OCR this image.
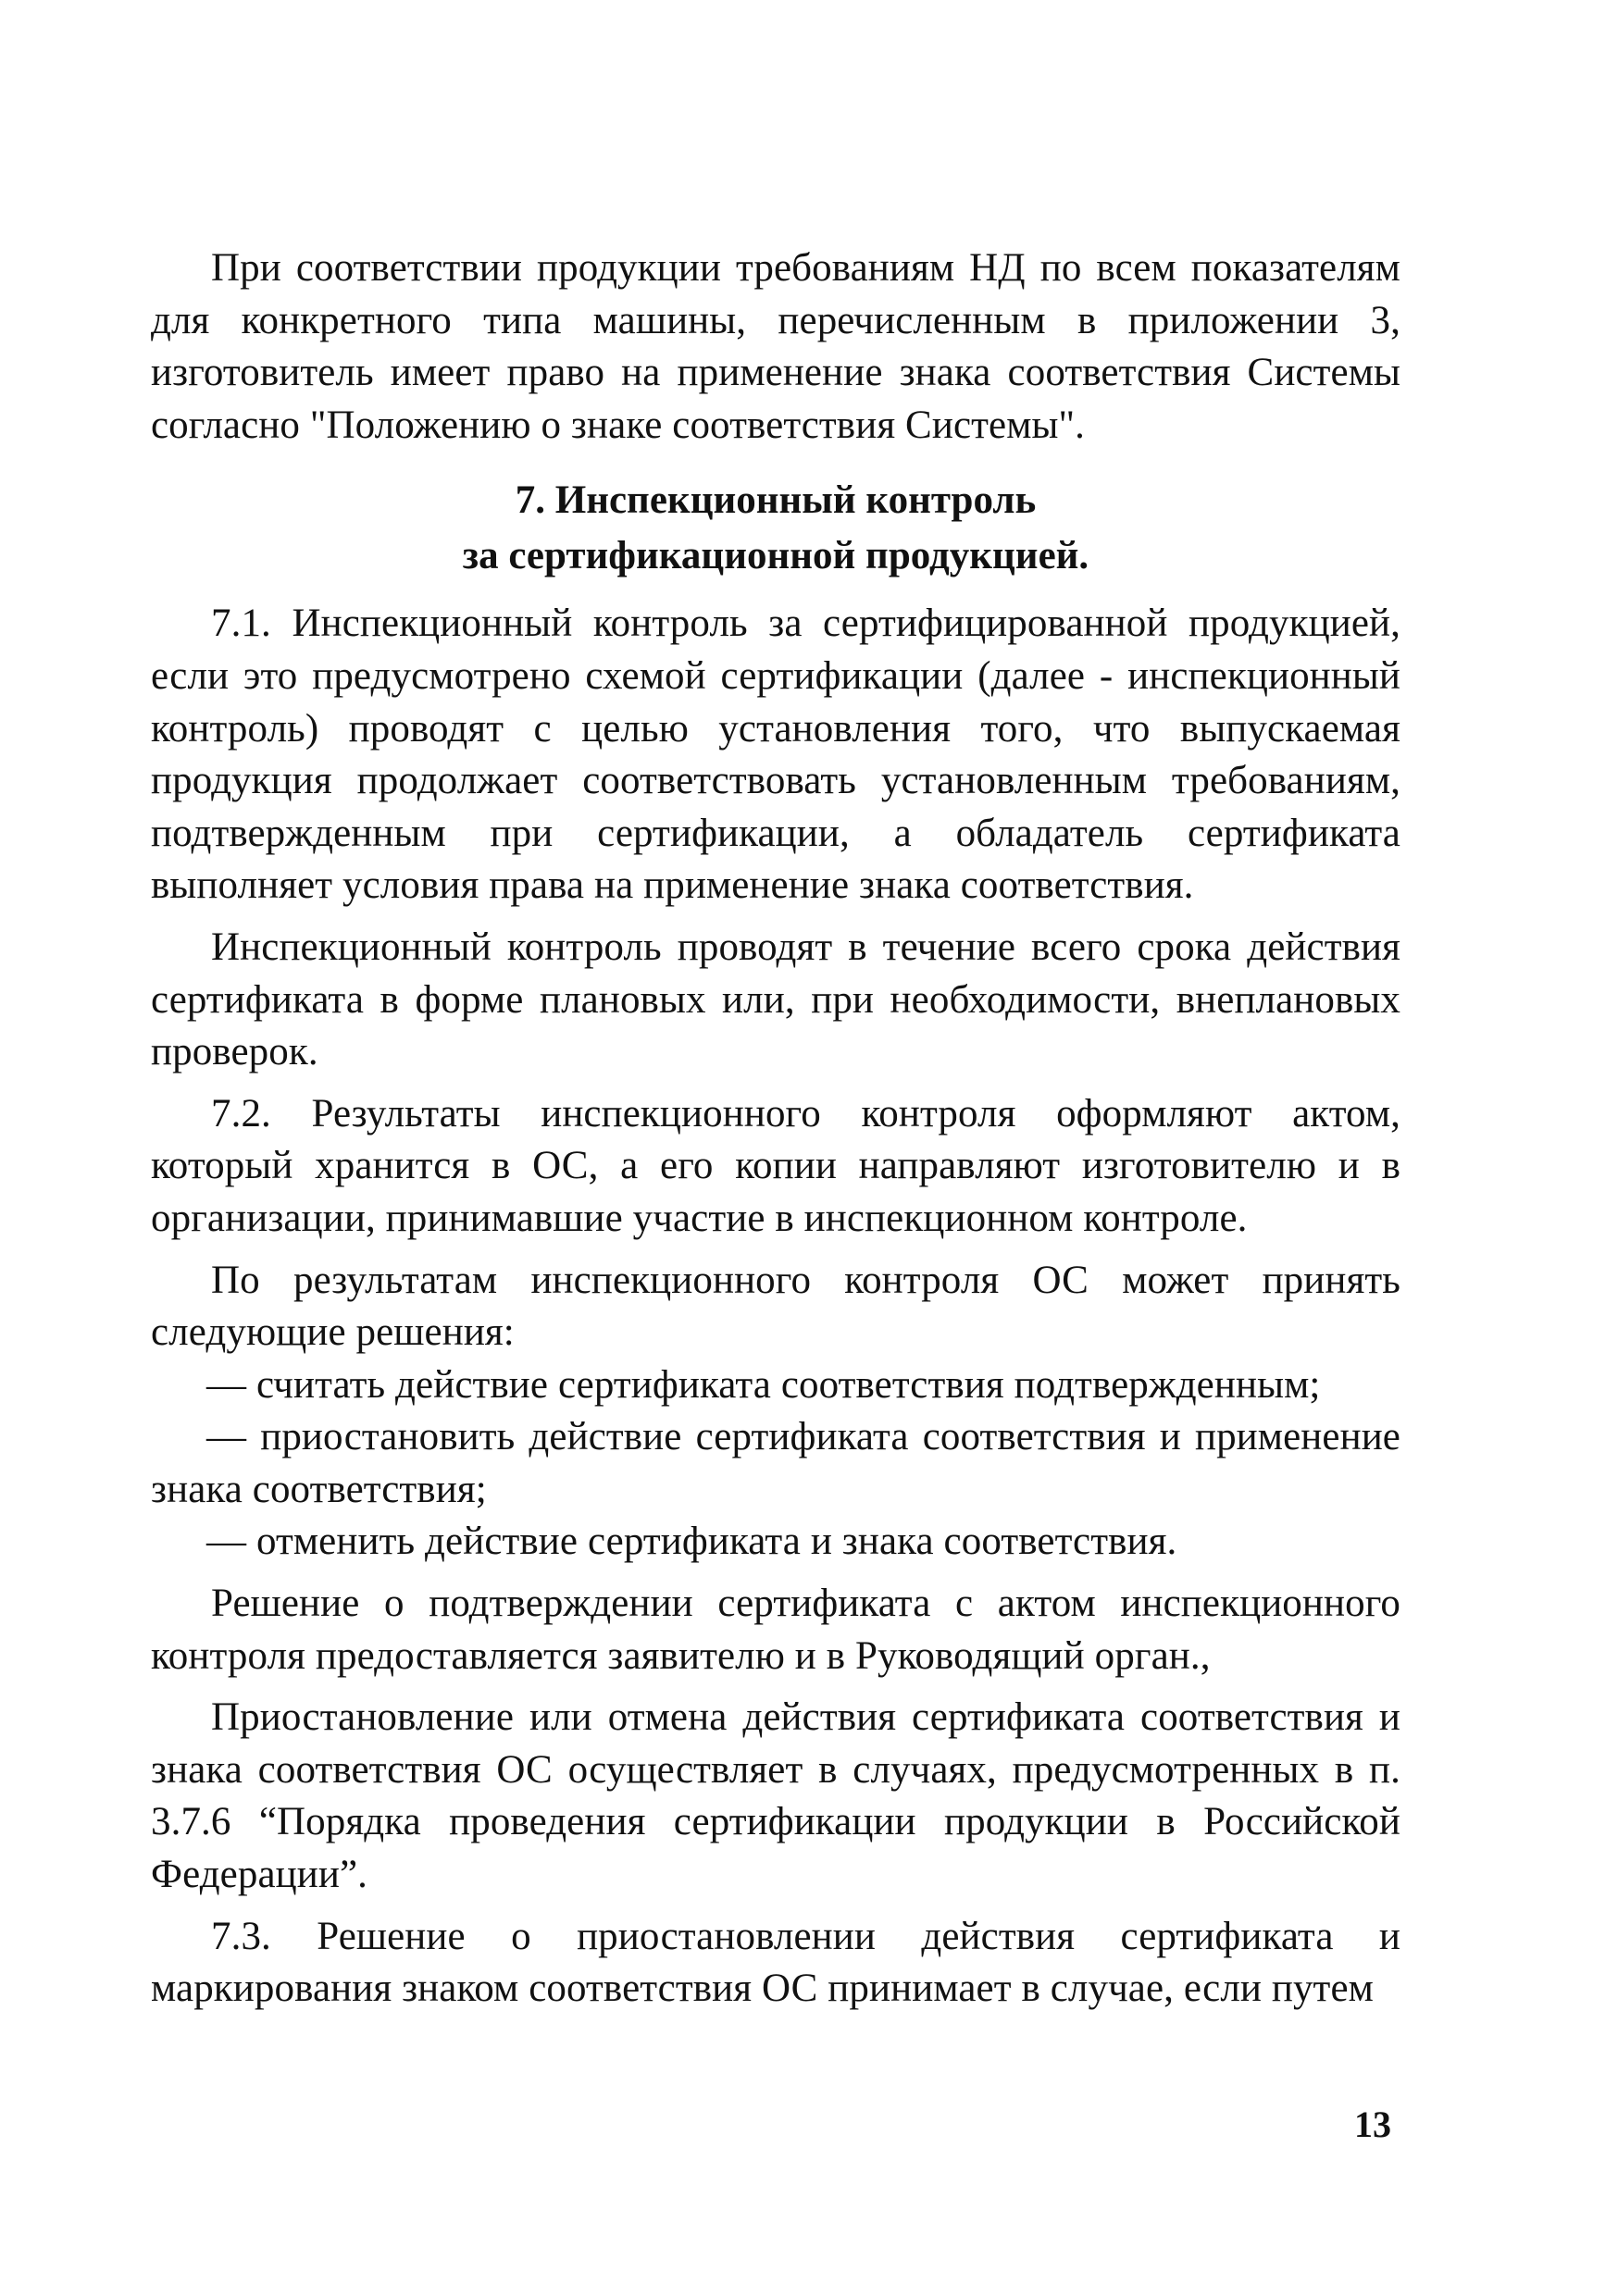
При соответствии продукции требованиям НД по всем показателям для конкретного типа машины, перечисленным в приложении 3, изготовитель имеет право на применение знака соответствия Системы согласно "Положению о знаке соответствия Системы".

7. Инспекционный контроль
за сертификационной продукцией.

7.1. Инспекционный контроль за сертифицированной продукцией, если это предусмотрено схемой сертификации (далее - инспекционный контроль) проводят с целью установления того, что выпускаемая продукция продолжает соответствовать установленным требованиям, подтвержденным при сертификации, а обладатель сертификата выполняет условия права на применение знака соответствия.

Инспекционный контроль проводят в течение всего срока действия сертификата в форме плановых или, при необходимости, внеплановых проверок.

7.2. Результаты инспекционного контроля оформляют актом, который хранится в ОС, а его копии направляют изготовителю и в организации, принимавшие участие в инспекционном контроле.

По результатам инспекционного контроля ОС может принять следующие решения:

— считать действие сертификата соответствия подтвержденным;

— приостановить действие сертификата соответствия и применение знака соответствия;

— отменить действие сертификата и знака соответствия.

Решение о подтверждении сертификата с актом инспекционного контроля предоставляется заявителю и в Руководящий орган.,

Приостановление или отмена действия сертификата соответствия и знака соответствия ОС осуществляет в случаях, предусмотренных в п. 3.7.6 “Порядка проведения сертификации продукции в Российской Федерации”.

7.3. Решение о приостановлении действия сертификата и маркирования знаком соответствия ОС принимает в случае, если путем

13
